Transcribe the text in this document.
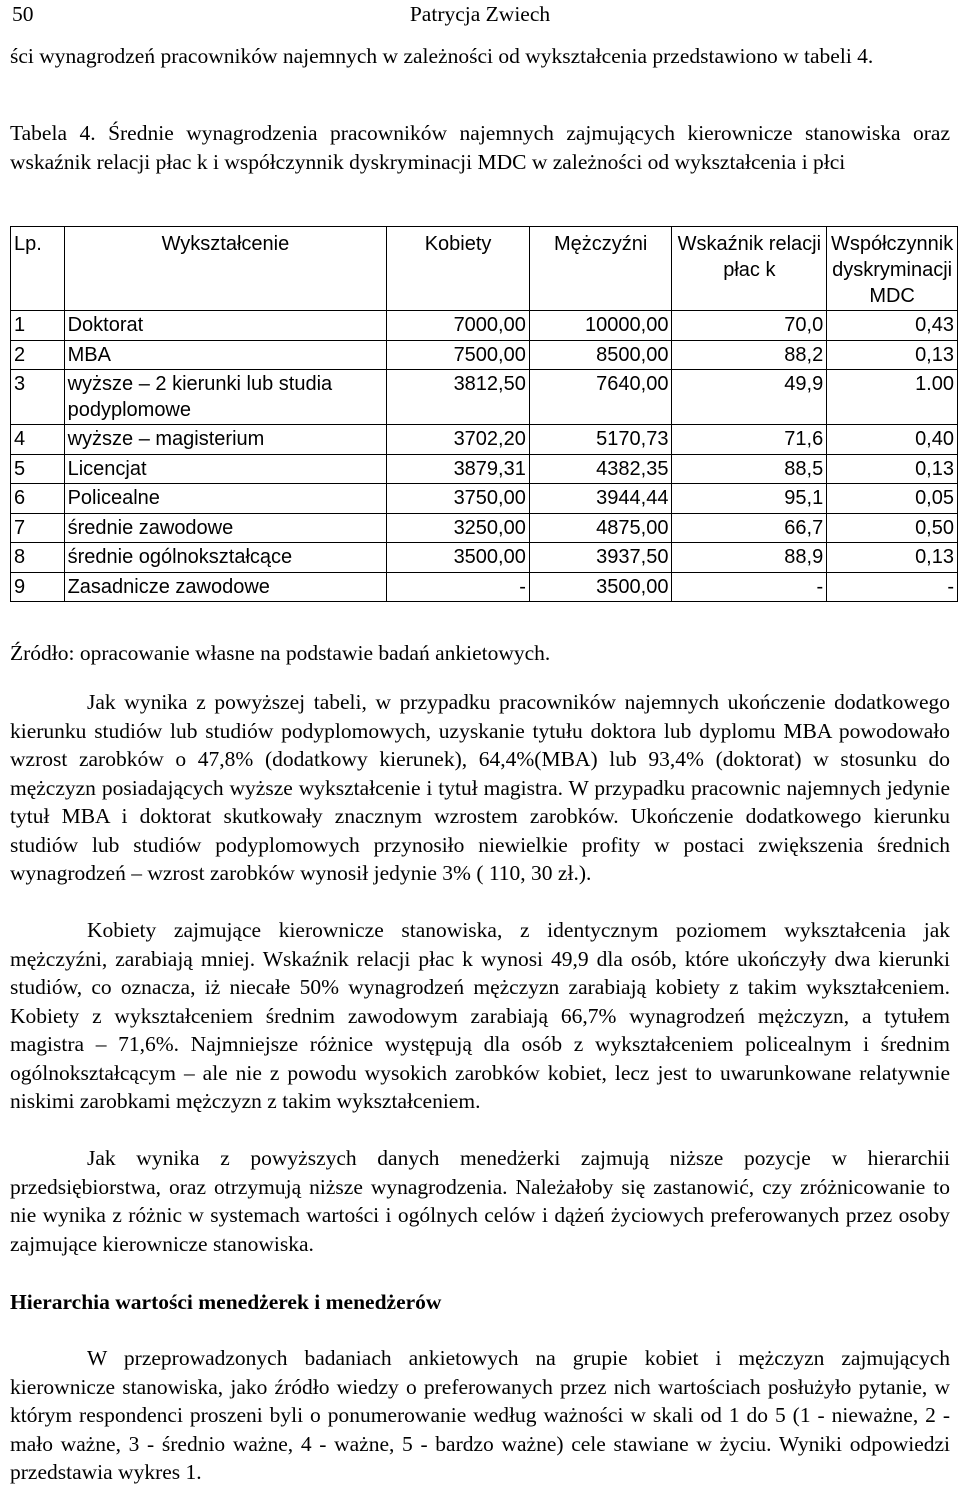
50	Patrycja Zwiech
ści wynagrodzeń pracowników najemnych w zależności od wykształcenia przedstawiono w tabeli 4.
Tabela 4. Średnie wynagrodzenia pracowników najemnych zajmujących kierownicze stanowiska oraz wskaźnik relacji płac k i współczynnik dyskryminacji MDC w zależności od wykształcenia i płci
Lp.	Wykształcenie	Kobiety	Mężczyźni	Wskaźnik relacji płac k	Współczynnik dyskryminacji MDC
1	Doktorat	7000,00	10000,00	70,0	0,43
2	MBA	7500,00	8500,00	88,2	0,13
3	wyższe – 2 kierunki lub studia podyplomowe	3812,50	7640,00	49,9	1.00
4	wyższe – magisterium	3702,20	5170,73	71,6	0,40
5	Licencjat	3879,31	4382,35	88,5	0,13
6	Policealne	3750,00	3944,44	95,1	0,05
7	średnie zawodowe	3250,00	4875,00	66,7	0,50
8	średnie ogólnokształcące	3500,00	3937,50	88,9	0,13
9	Zasadnicze zawodowe	-	3500,00	-	-
Źródło: opracowanie własne na podstawie badań ankietowych.
Jak wynika z powyższej tabeli, w przypadku pracowników najemnych ukończenie dodatkowego kierunku studiów lub studiów podyplomowych, uzyskanie tytułu doktora lub dyplomu MBA powodowało wzrost zarobków o 47,8% (dodatkowy kierunek), 64,4%(MBA) lub 93,4% (doktorat) w stosunku do mężczyzn posiadających wyższe wykształcenie i tytuł magistra. W przypadku pracownic najemnych jedynie tytuł MBA i doktorat skutkowały znacznym wzrostem zarobków. Ukończenie dodatkowego kierunku studiów lub studiów podyplomowych przynosiło niewielkie profity w postaci zwiększenia średnich wynagrodzeń – wzrost zarobków wynosił jedynie 3% ( 110, 30 zł.).
Kobiety zajmujące kierownicze stanowiska, z identycznym poziomem wykształcenia jak mężczyźni, zarabiają mniej. Wskaźnik relacji płac k wynosi 49,9 dla osób, które ukończyły dwa kierunki studiów, co oznacza, iż niecałe 50% wynagrodzeń mężczyzn zarabiają kobiety z takim wykształceniem. Kobiety z wykształceniem średnim zawodowym zarabiają 66,7% wynagrodzeń mężczyzn, a tytułem magistra – 71,6%. Najmniejsze różnice występują dla osób z wykształceniem policealnym i średnim ogólnokształcącym – ale nie z powodu wysokich zarobków kobiet, lecz jest to uwarunkowane relatywnie niskimi zarobkami mężczyzn z takim wykształceniem.
Jak wynika z powyższych danych menedżerki zajmują niższe pozycje w hierarchii przedsiębiorstwa, oraz otrzymują niższe wynagrodzenia. Należałoby się zastanowić, czy zróżnicowanie to nie wynika z różnic w systemach wartości i ogólnych celów i dążeń życiowych preferowanych przez osoby zajmujące kierownicze stanowiska.
Hierarchia wartości menedżerek i menedżerów
W przeprowadzonych badaniach ankietowych na grupie kobiet i mężczyzn zajmujących kierownicze stanowiska, jako źródło wiedzy o preferowanych przez nich wartościach posłużyło pytanie, w którym respondenci proszeni byli o ponumerowanie według ważności w skali od 1 do 5 (1 - nieważne, 2 - mało ważne, 3 - średnio ważne, 4 - ważne, 5 - bardzo ważne) cele stawiane w życiu. Wyniki odpowiedzi przedstawia wykres 1.
